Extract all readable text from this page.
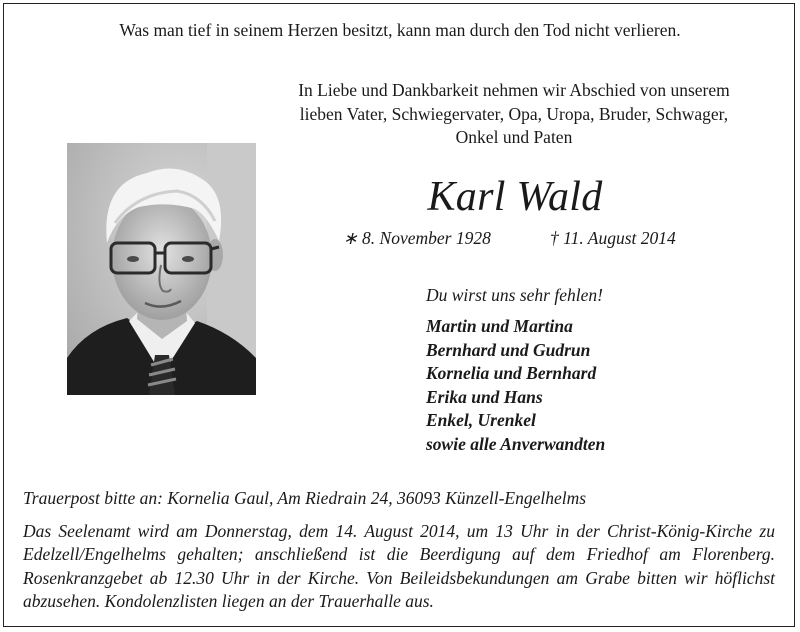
Was man tief in seinem Herzen besitzt, kann man durch den Tod nicht verlieren.
In Liebe und Dankbarkeit nehmen wir Abschied von unserem
lieben Vater, Schwiegervater, Opa, Uropa, Bruder, Schwager,
Onkel und Paten
Karl Wald
∗ 8. November 1928	† 11. August 2014
Du wirst uns sehr fehlen!
Martin und Martina
Bernhard und Gudrun
Kornelia und Bernhard
Erika und Hans
Enkel, Urenkel
sowie alle Anverwandten
Trauerpost bitte an: Kornelia Gaul, Am Riedrain 24, 36093 Künzell-Engelhelms
Das Seelenamt wird am Donnerstag, dem 14. August 2014, um 13 Uhr in der Christ-König-Kirche zu Edelzell/Engelhelms gehalten; anschließend ist die Beerdigung auf dem Friedhof am Florenberg. Rosenkranzgebet ab 12.30 Uhr in der Kirche. Von Beileidsbekundungen am Grabe bitten wir höflichst abzusehen. Kondolenzlisten liegen an der Trauerhalle aus.
